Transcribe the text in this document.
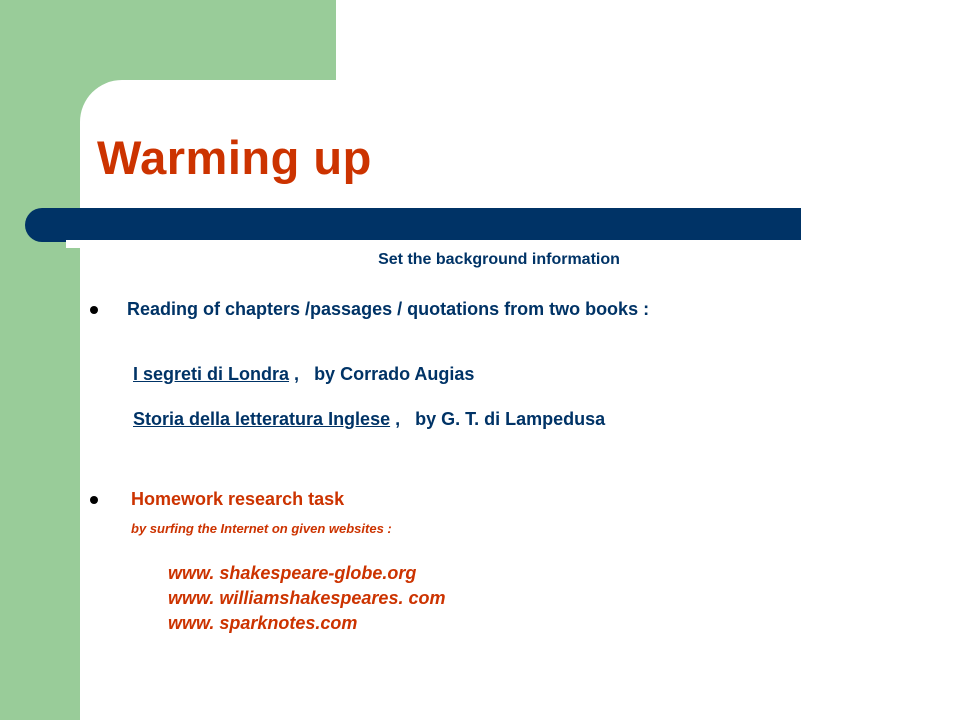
Warming up
Set the background information
Reading of chapters /passages / quotations from two books :
I segreti di Londra ,   by Corrado Augias
Storia della letteratura Inglese ,   by G. T. di Lampedusa
Homework research task
by surfing the Internet on given websites :
www. shakespeare-globe.org
www. williamshakespeares. com
www. sparknotes.com
